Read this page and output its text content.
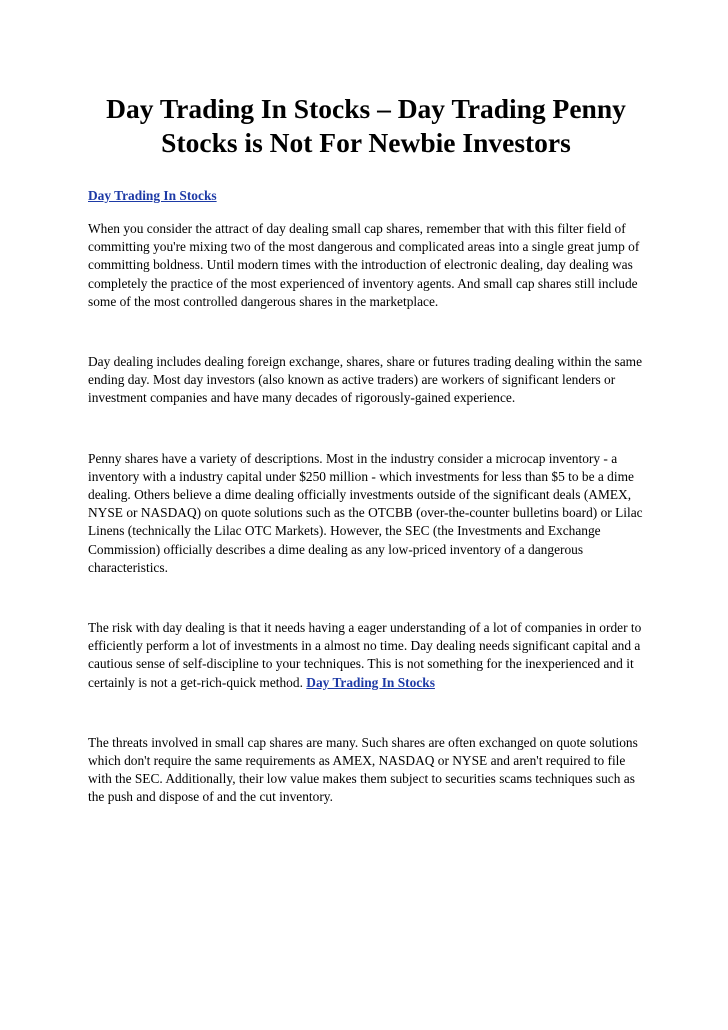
Day Trading In Stocks – Day Trading Penny Stocks is Not For Newbie Investors
Day Trading In Stocks

When you consider the attract of day dealing small cap shares, remember that with this filter field of committing you're mixing two of the most dangerous and complicated areas into a single great jump of committing boldness. Until modern times with the introduction of electronic dealing, day dealing was completely the practice of the most experienced of inventory agents. And small cap shares still include some of the most controlled dangerous shares in the marketplace.

Day dealing includes dealing foreign exchange, shares, share or futures trading dealing within the same ending day. Most day investors (also known as active traders) are workers of significant lenders or investment companies and have many decades of rigorously-gained experience.

Penny shares have a variety of descriptions. Most in the industry consider a microcap inventory - a inventory with a industry capital under $250 million - which investments for less than $5 to be a dime dealing. Others believe a dime dealing officially investments outside of the significant deals (AMEX, NYSE or NASDAQ) on quote solutions such as the OTCBB (over-the-counter bulletins board) or Lilac Linens (technically the Lilac OTC Markets). However, the SEC (the Investments and Exchange Commission) officially describes a dime dealing as any low-priced inventory of a dangerous characteristics.

The risk with day dealing is that it needs having a eager understanding of a lot of companies in order to efficiently perform a lot of investments in a almost no time. Day dealing needs significant capital and a cautious sense of self-discipline to your techniques. This is not something for the inexperienced and it certainly is not a get-rich-quick method. Day Trading In Stocks

The threats involved in small cap shares are many. Such shares are often exchanged on quote solutions which don't require the same requirements as AMEX, NASDAQ or NYSE and aren't required to file with the SEC. Additionally, their low value makes them subject to securities scams techniques such as the push and dispose of and the cut inventory.
